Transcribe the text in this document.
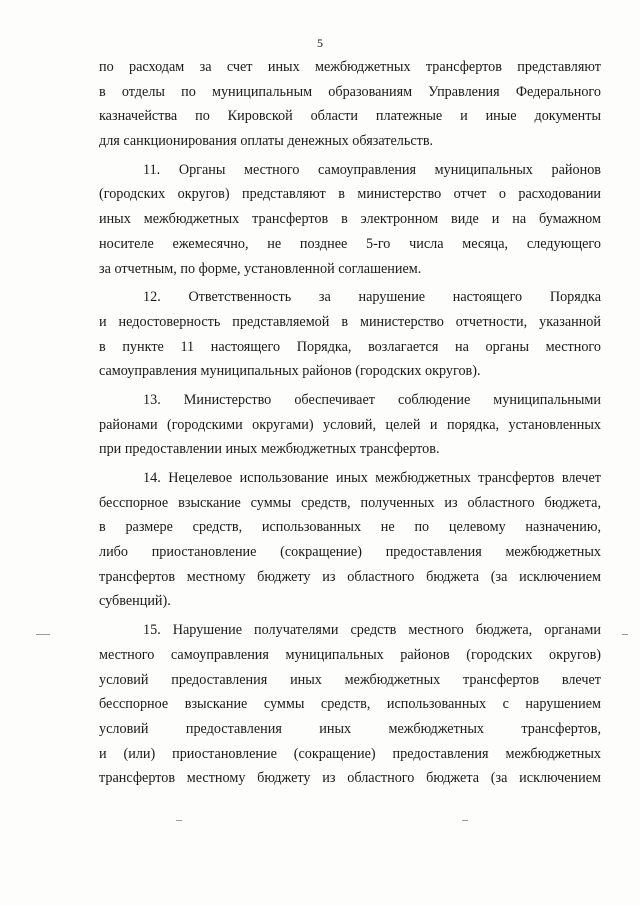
5
по расходам за счет иных межбюджетных трансфертов представляют
в отделы по муниципальным образованиям Управления Федерального
казначейства по Кировской области платежные и иные документы
для санкционирования оплаты денежных обязательств.
11. Органы местного самоуправления муниципальных районов
(городских округов) представляют в министерство отчет о расходовании
иных межбюджетных трансфертов в электронном виде и на бумажном
носителе ежемесячно, не позднее 5-го числа месяца, следующего
за отчетным, по форме, установленной соглашением.
12. Ответственность за нарушение настоящего Порядка
и недостоверность представляемой в министерство отчетности, указанной
в пункте 11 настоящего Порядка, возлагается на органы местного
самоуправления муниципальных районов (городских округов).
13. Министерство обеспечивает соблюдение муниципальными
районами (городскими округами) условий, целей и порядка, установленных
при предоставлении иных межбюджетных трансфертов.
14. Нецелевое использование иных межбюджетных трансфертов влечет
бесспорное взыскание суммы средств, полученных из областного бюджета,
в размере средств, использованных не по целевому назначению,
либо приостановление (сокращение) предоставления межбюджетных
трансфертов местному бюджету из областного бюджета (за исключением
субвенций).
15. Нарушение получателями средств местного бюджета, органами
местного самоуправления муниципальных районов (городских округов)
условий предоставления иных межбюджетных трансфертов влечет
бесспорное взыскание суммы средств, использованных с нарушением
условий предоставления иных межбюджетных трансфертов,
и (или) приостановление (сокращение) предоставления межбюджетных
трансфертов местному бюджету из областного бюджета (за исключением
